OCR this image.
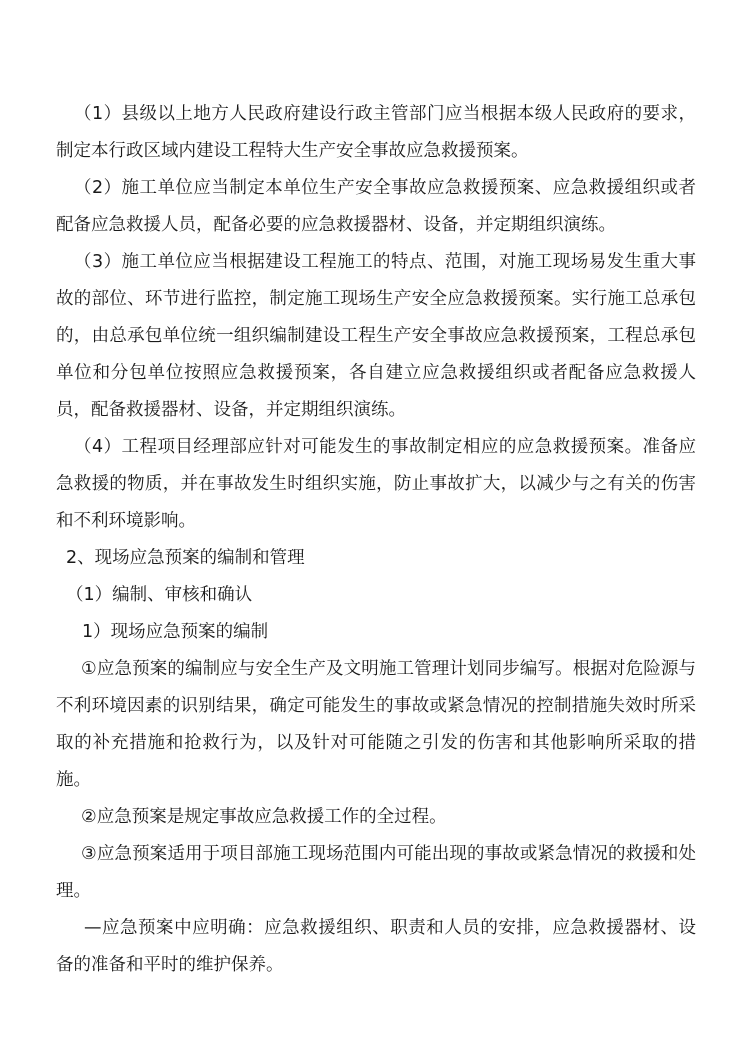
（1）县级以上地方人民政府建设行政主管部门应当根据本级人民政府的要求，制定本行政区域内建设工程特大生产安全事故应急救援预案。

（2）施工单位应当制定本单位生产安全事故应急救援预案、应急救援组织或者配备应急救援人员，配备必要的应急救援器材、设备，并定期组织演练。

（3）施工单位应当根据建设工程施工的特点、范围，对施工现场易发生重大事故的部位、环节进行监控，制定施工现场生产安全应急救援预案。实行施工总承包的，由总承包单位统一组织编制建设工程生产安全事故应急救援预案，工程总承包单位和分包单位按照应急救援预案，各自建立应急救援组织或者配备应急救援人员，配备救援器材、设备，并定期组织演练。

（4）工程项目经理部应针对可能发生的事故制定相应的应急救援预案。准备应急救援的物质，并在事故发生时组织实施，防止事故扩大，以减少与之有关的伤害和不利环境影响。

2、现场应急预案的编制和管理

（1）编制、审核和确认

1）现场应急预案的编制

①应急预案的编制应与安全生产及文明施工管理计划同步编写。根据对危险源与不利环境因素的识别结果，确定可能发生的事故或紧急情况的控制措施失效时所采取的补充措施和抢救行为，以及针对可能随之引发的伤害和其他影响所采取的措施。

②应急预案是规定事故应急救援工作的全过程。

③应急预案适用于项目部施工现场范围内可能出现的事故或紧急情况的救援和处理。

—应急预案中应明确：应急救援组织、职责和人员的安排，应急救援器材、设备的准备和平时的维护保养。
